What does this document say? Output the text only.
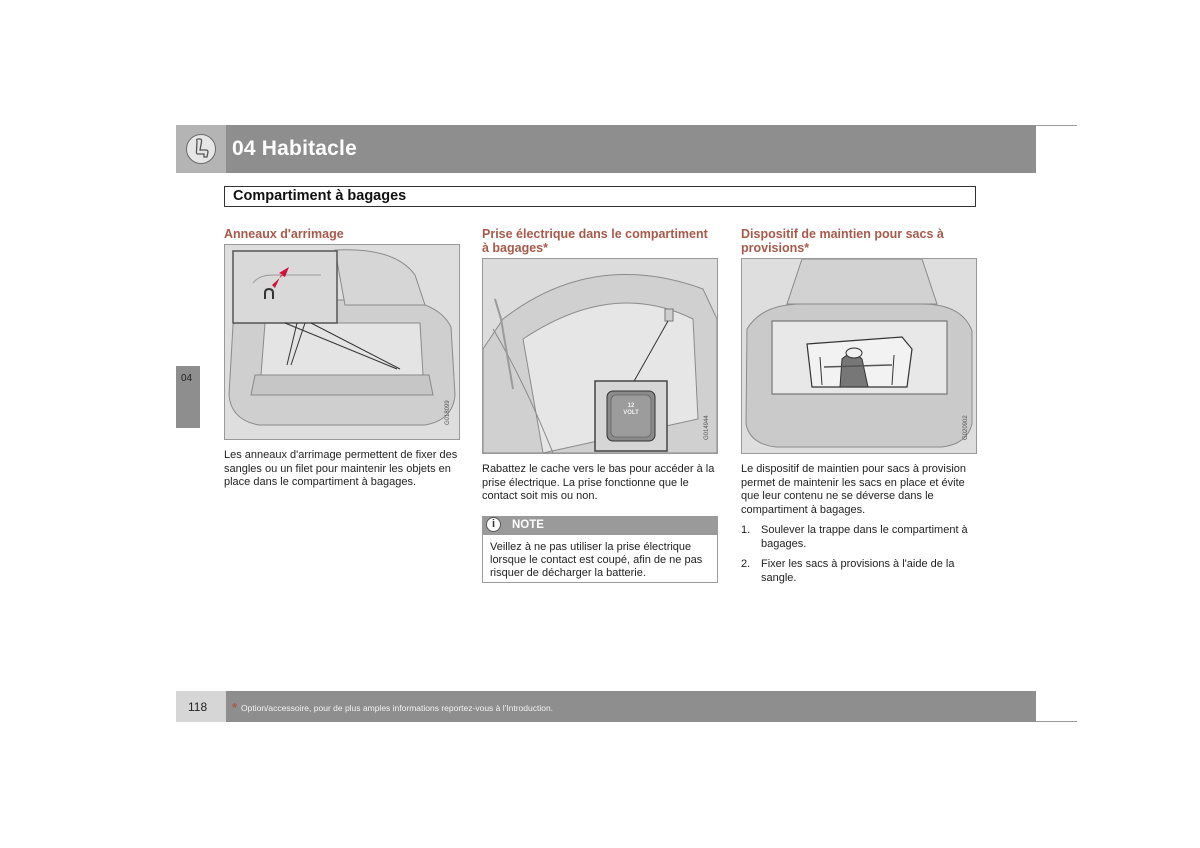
04 Habitacle
Compartiment à bagages
04
Anneaux d'arrimage
G018099
Les anneaux d'arrimage permettent de fixer des sangles ou un filet pour maintenir les objets en place dans le compartiment à bagages.
Prise électrique dans le compartiment à bagages*
12
VOLT
G014944
Rabattez le cache vers le bas pour accéder à la prise électrique. La prise fonctionne que le contact soit mis ou non.
i	NOTE
Veillez à ne pas utiliser la prise électrique lorsque le contact est coupé, afin de ne pas risquer de décharger la batterie.
Dispositif de maintien pour sacs à provisions*
G020902
Le dispositif de maintien pour sacs à provision permet de maintenir les sacs en place et évite que leur contenu ne se déverse dans le compartiment à bagages.
1. Soulever la trappe dans le compartiment à bagages.
2. Fixer les sacs à provisions à l'aide de la sangle.
118 * Option/accessoire, pour de plus amples informations reportez-vous à l'Introduction.
